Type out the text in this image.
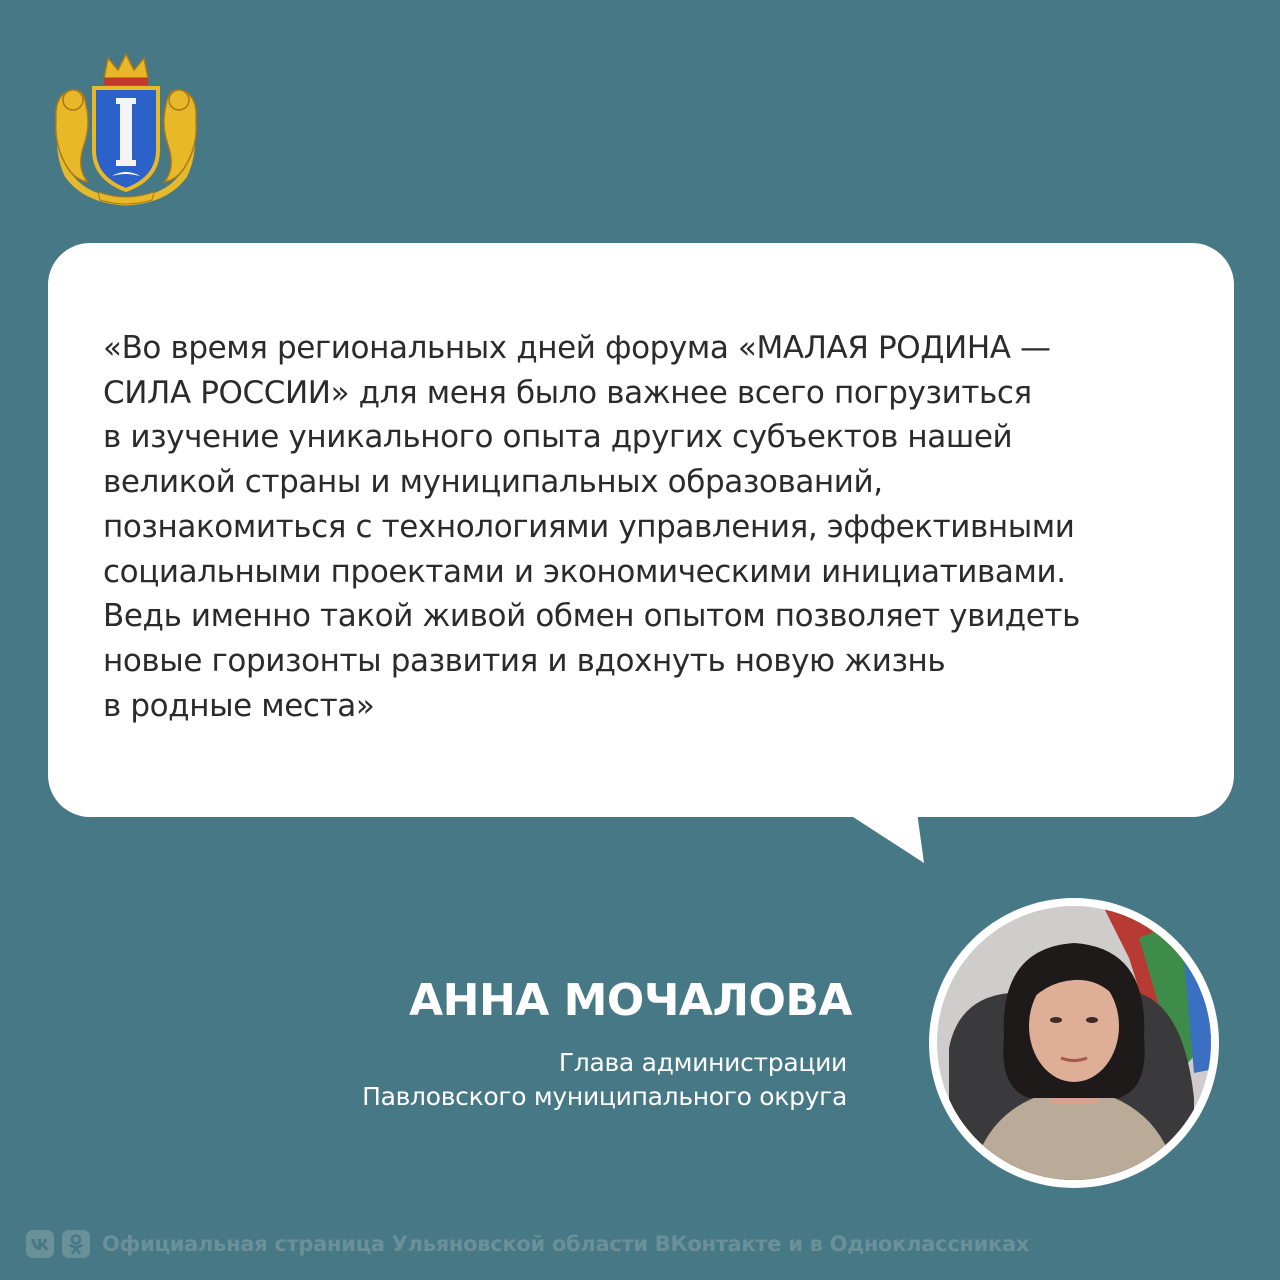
«Во время региональных дней форума «МАЛАЯ РОДИНА —
СИЛА РОССИИ» для меня было важнее всего погрузиться
в изучение уникального опыта других субъектов нашей
великой страны и муниципальных образований,
познакомиться с технологиями управления, эффективными
социальными проектами и экономическими инициативами.
Ведь именно такой живой обмен опытом позволяет увидеть
новые горизонты развития и вдохнуть новую жизнь
в родные места»

АННА МОЧАЛОВА

Глава администрации
Павловского муниципального округа

Официальная страница Ульяновской области ВКонтакте и в Одноклассниках
